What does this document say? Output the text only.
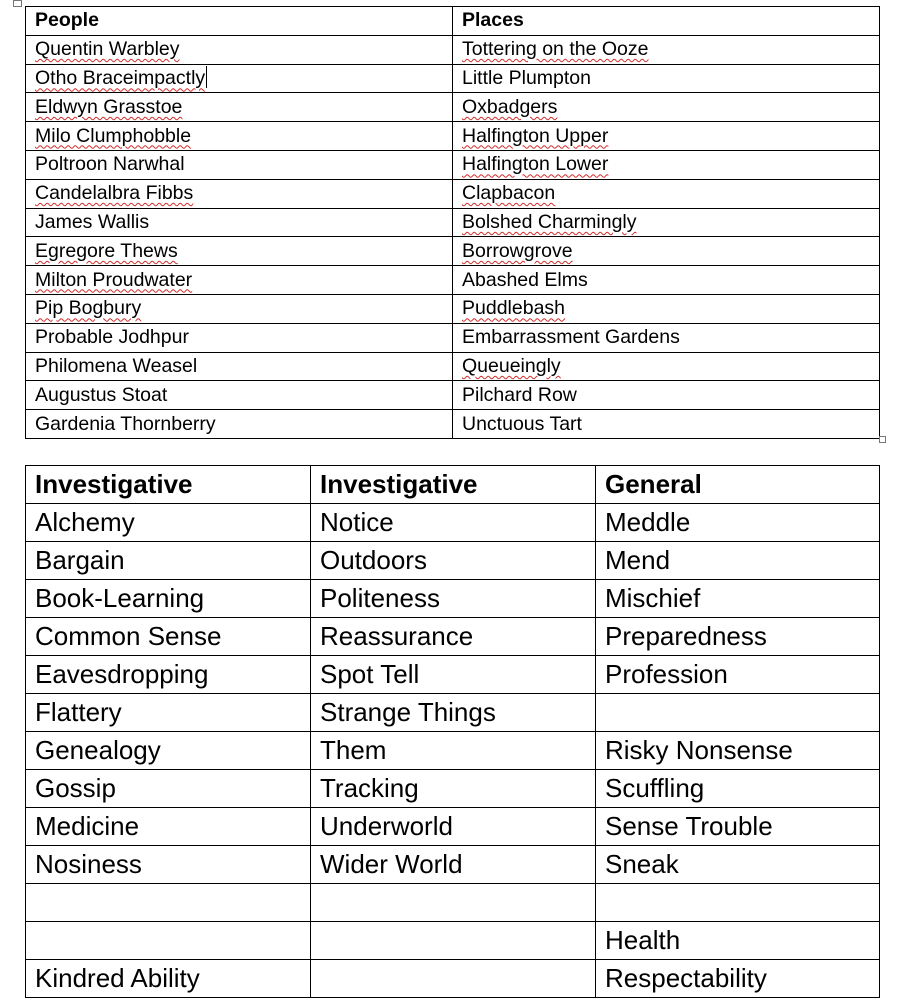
People	Places
Quentin Warbley	Tottering on the Ooze
Otho Braceimpactly	Little Plumpton
Eldwyn Grasstoe	Oxbadgers
Milo Clumphobble	Halfington Upper
Poltroon Narwhal	Halfington Lower
Candelalbra Fibbs	Clapbacon
James Wallis	Bolshed Charmingly
Egregore Thews	Borrowgrove
Milton Proudwater	Abashed Elms
Pip Bogbury	Puddlebash
Probable Jodhpur	Embarrassment Gardens
Philomena Weasel	Queueingly
Augustus Stoat	Pilchard Row
Gardenia Thornberry	Unctuous Tart
Investigative	Investigative	General
Alchemy	Notice	Meddle
Bargain	Outdoors	Mend
Book-Learning	Politeness	Mischief
Common Sense	Reassurance	Preparedness
Eavesdropping	Spot Tell	Profession
Flattery	Strange Things	
Genealogy	Them	Risky Nonsense
Gossip	Tracking	Scuffling
Medicine	Underworld	Sense Trouble
Nosiness	Wider World	Sneak

		Health
Kindred Ability		Respectability
